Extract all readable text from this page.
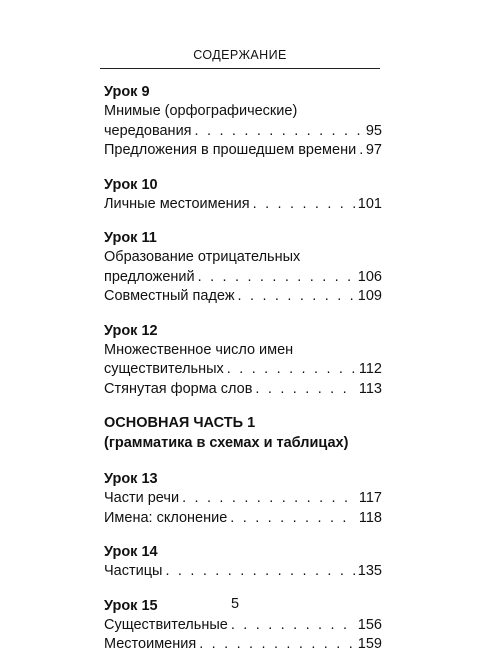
СОДЕРЖАНИЕ
Урок 9
Мнимые (орфографические)
чередования . . .	95
Предложения в прошедшем времени . . . 97
Урок 10
Личные местоимения . . .	101
Урок 11
Образование отрицательных
предложений . . .	106
Совместный падеж . . .	109
Урок 12
Множественное число имен
существительных . . .	112
Стянутая форма слов . . .	113
ОСНОВНАЯ ЧАСТЬ 1
(грамматика в схемах и таблицах)
Урок 13
Части речи . . .	117
Имена: склонение . . .	118
Урок 14
Частицы . . .	135
Урок 15
Существительные . . .	156
Местоимения . . .	159
5
